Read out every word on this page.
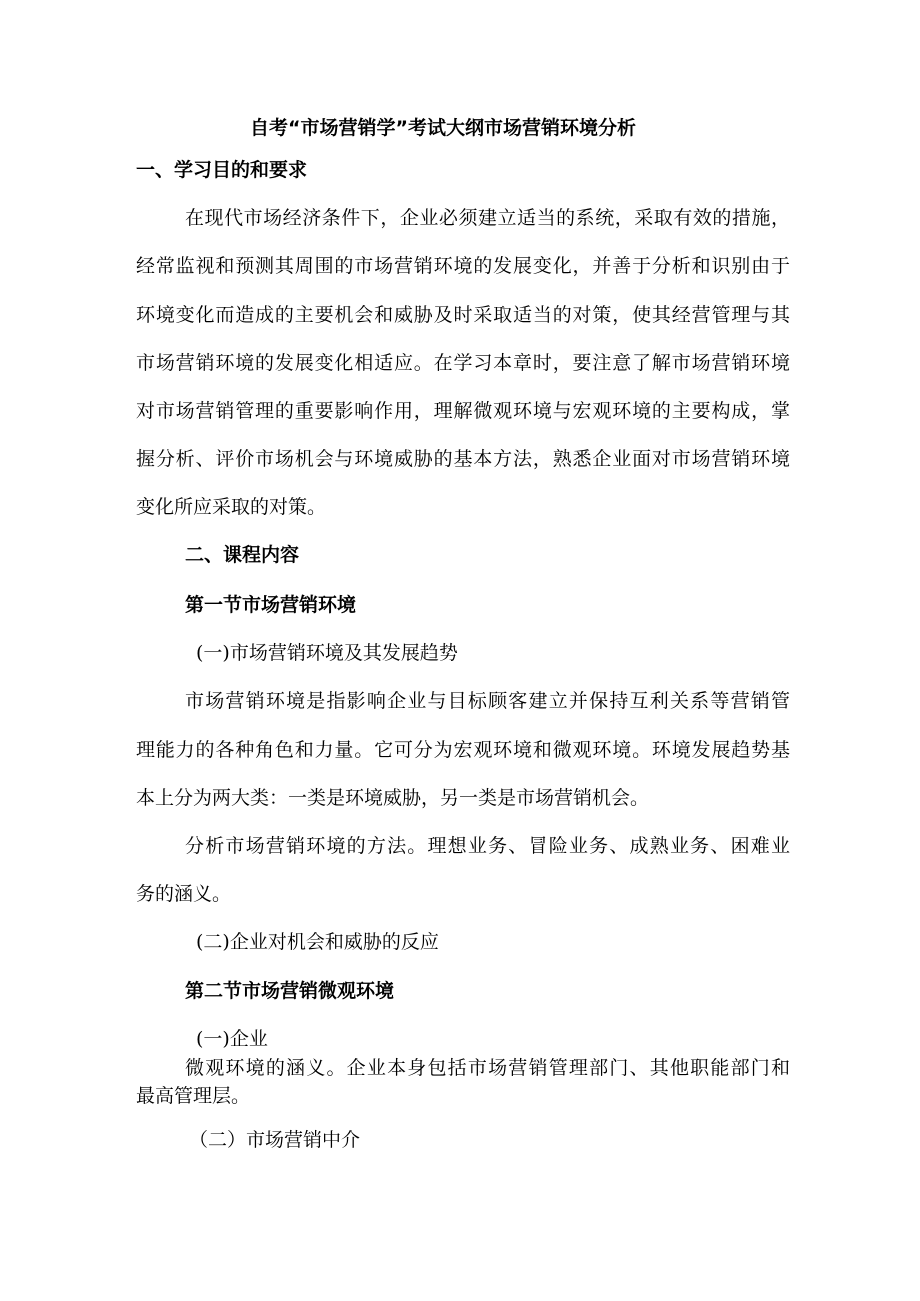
自考“市场营销学”考试大纲市场营销环境分析
一、学习目的和要求
在现代市场经济条件下，企业必须建立适当的系统，采取有效的措施，
经常监视和预测其周围的市场营销环境的发展变化，并善于分析和识别由于
环境变化而造成的主要机会和威胁及时采取适当的对策，使其经营管理与其
市场营销环境的发展变化相适应。在学习本章时，要注意了解市场营销环境
对市场营销管理的重要影响作用，理解微观环境与宏观环境的主要构成，掌
握分析、评价市场机会与环境威胁的基本方法，熟悉企业面对市场营销环境
变化所应采取的对策。
二、课程内容
第一节市场营销环境
(一)市场营销环境及其发展趋势
市场营销环境是指影响企业与目标顾客建立并保持互利关系等营销管
理能力的各种角色和力量。它可分为宏观环境和微观环境。环境发展趋势基
本上分为两大类：一类是环境威胁，另一类是市场营销机会。
分析市场营销环境的方法。理想业务、冒险业务、成熟业务、困难业
务的涵义。
(二)企业对机会和威胁的反应
第二节市场营销微观环境
(一)企业
微观环境的涵义。企业本身包括市场营销管理部门、其他职能部门和
最高管理层。
（二）市场营销中介
